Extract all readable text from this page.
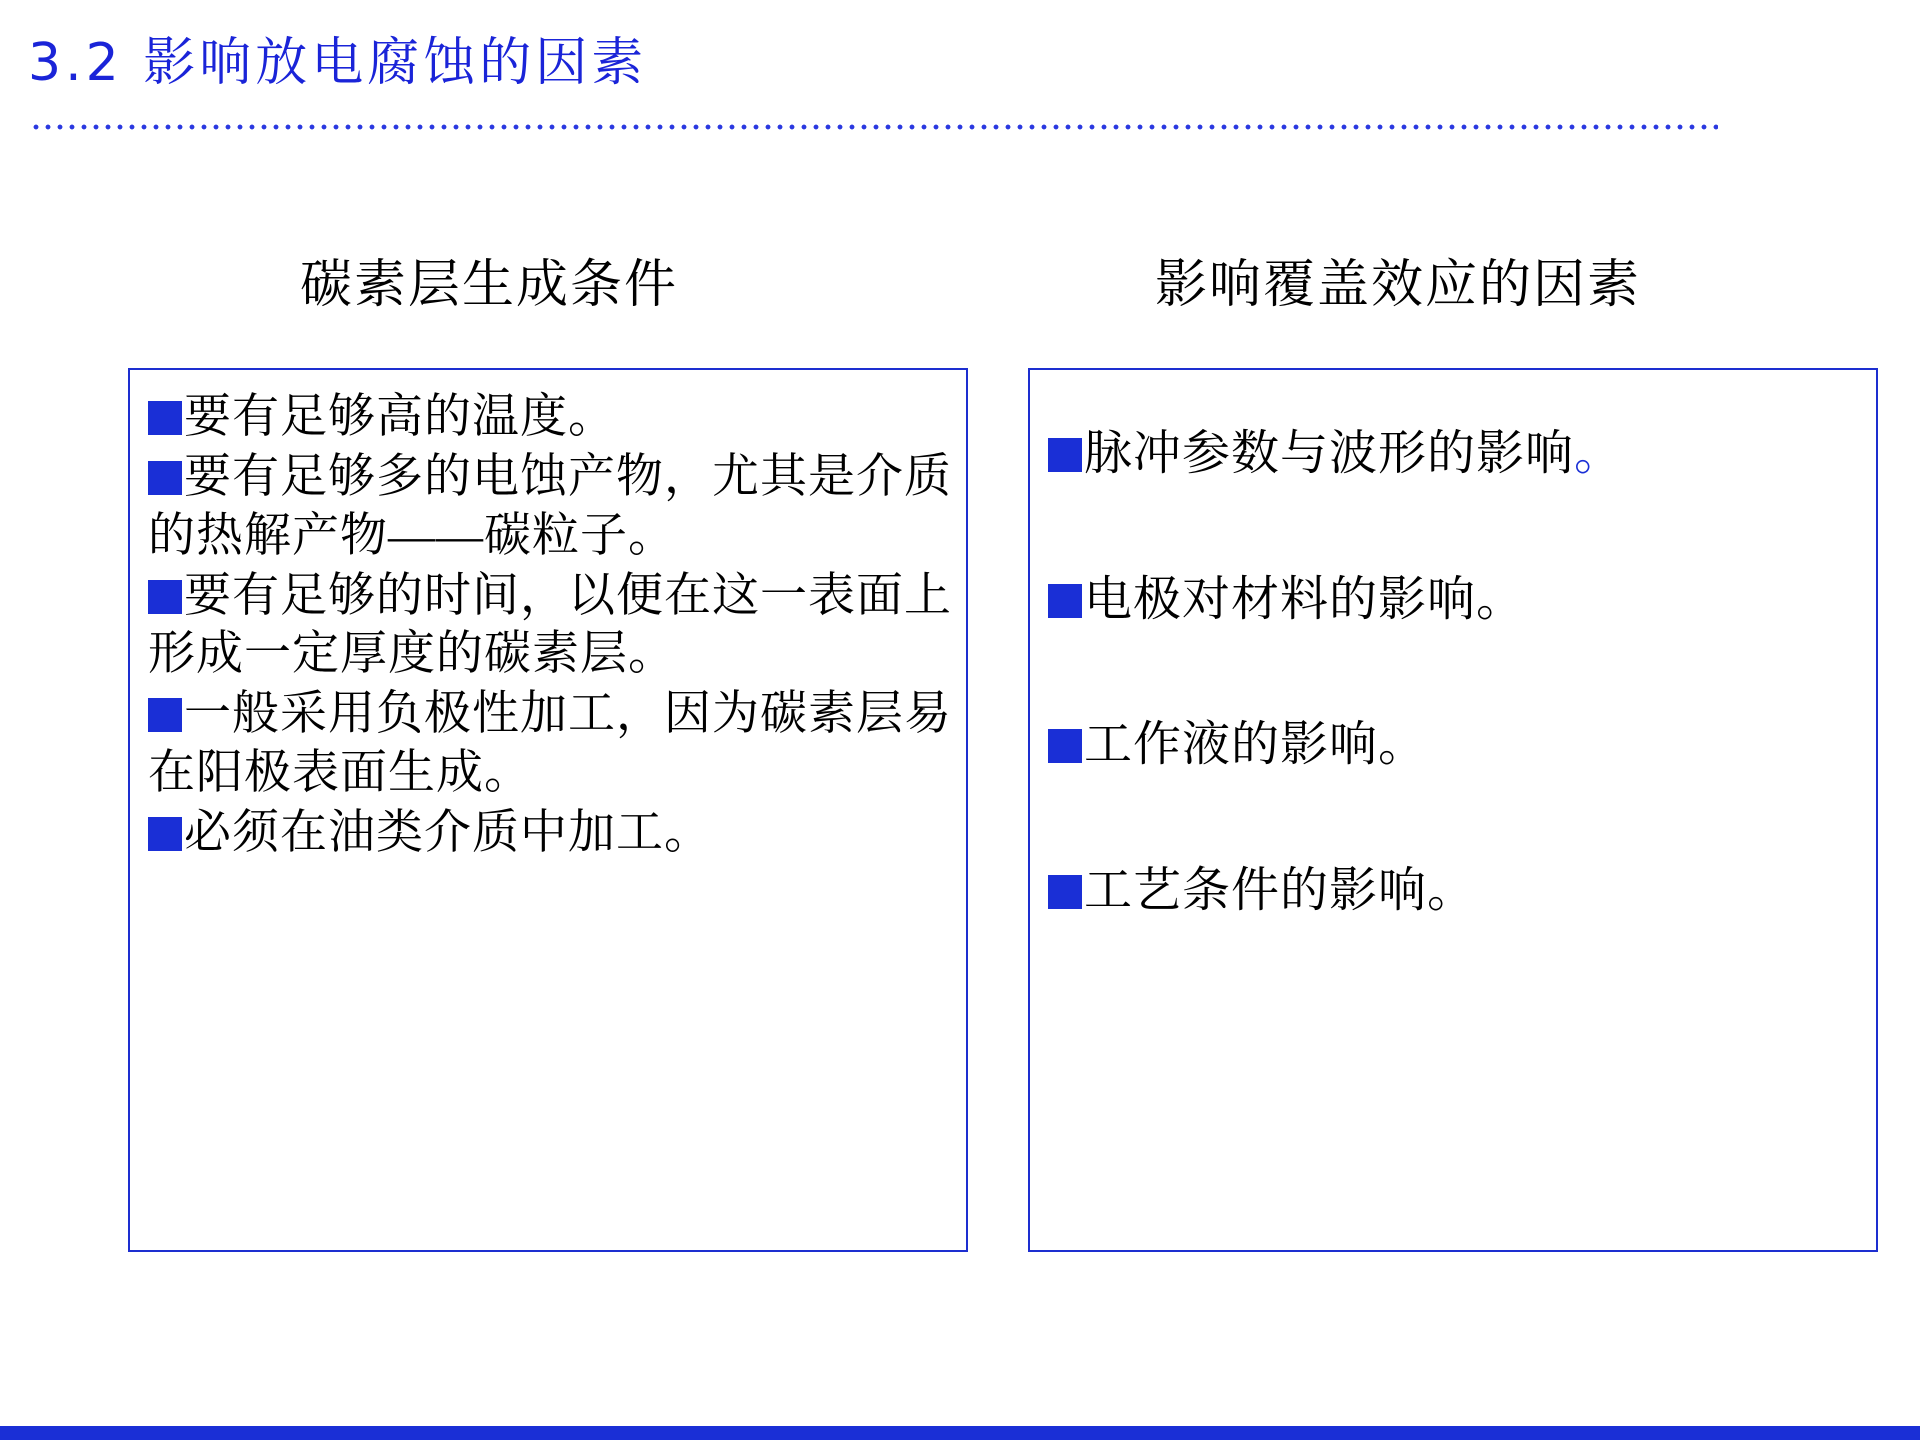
3.2 影响放电腐蚀的因素
碳素层生成条件	影响覆盖效应的因素
要有足够高的温度。
要有足够多的电蚀产物，尤其是介质的热解产物——碳粒子。
要有足够的时间，以便在这一表面上形成一定厚度的碳素层。
一般采用负极性加工，因为碳素层易在阳极表面生成。
必须在油类介质中加工。
脉冲参数与波形的影响。
电极对材料的影响。
工作液的影响。
工艺条件的影响。
